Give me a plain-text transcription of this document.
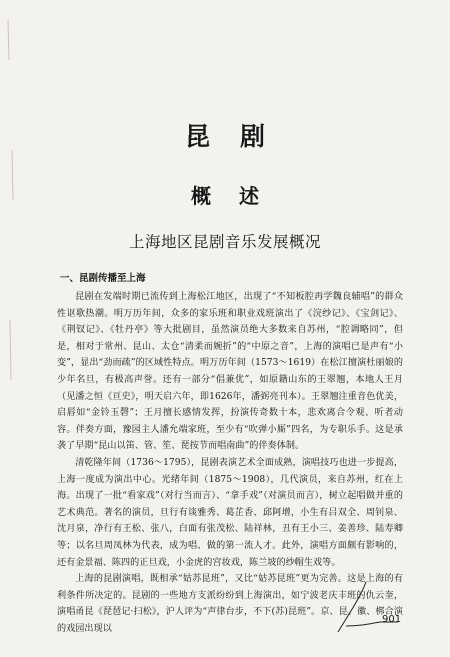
昆剧
概述
上海地区昆剧音乐发展概况
一、昆剧传播至上海

昆剧在发端时期已流传到上海松江地区，出现了“不知板腔再学魏良辅唱”的群众性讴歌热潮。明万历年间，众多的家乐班和职业戏班演出了《浣纱记》、《宝剑记》、《荆钗记》、《牡丹亭》等大批剧目，虽然演员绝大多数来自苏州，“腔调略同”，但是，相对于常州、昆山、太仓“清柔而婉折”的“中原之音”，上海的演唱已是声有“小变”，显出“劲而疏”的区域性特点。明万历年间（1573～1619）在松江擅演杜丽娘的少年名旦，有极高声誉。还有一部分“倡兼优”，如原籍山东的王翠翘，本地人王月（见潘之恒《亘史》，明天启六年，即1626年，潘弼亮刊本）。王翠翘注重音色优美，启唇如“金铃玉磬”；王月擅长感情发挥，扮演传奇数十本，悲欢离合令观、听者动容。伴奏方面，豫园主人潘允端家班，至少有“吹弹小厮”四名，为专职乐手。这是承袭了早期“昆山以笛、管、笙、琵按节而唱南曲”的伴奏体制。

清乾隆年间（1736～1795），昆剧表演艺术全面成熟，演唱技巧也进一步提高，上海一度成为演出中心。光绪年间（1875～1908），几代演员，来自苏州，红在上海。出现了一批“看家戏”（对行当而言）、“拿手戏”（对演员而言），树立起唱做并重的艺术典范。著名的演员，旦行有谈雅秀、葛芷香、邱阿增，小生有吕双全、周钊泉、沈月泉，净行有王松、张八，白面有张茂松、陆祥林，丑有王小三、姜善珍、陆寿卿等；以名旦周凤林为代表，成为唱、做的第一流人才。此外，演唱方面颇有影响的，还有金景福、陈四的正旦戏，小金虎的宫妆戏，陈兰坡的纱帽生戏等。

上海的昆剧演唱，既相承“姑苏昆班”，又比“姑苏昆班”更为完善。这是上海的有利条件所决定的。昆剧的一些地方支派纷纷到上海演出，如宁波老庆丰班的仇云奎，演唱甬昆《琵琶记·扫松》，沪人评为“声律台步，不下(苏)昆班”。京、昆、徽、梆合演的戏园出现以

901
